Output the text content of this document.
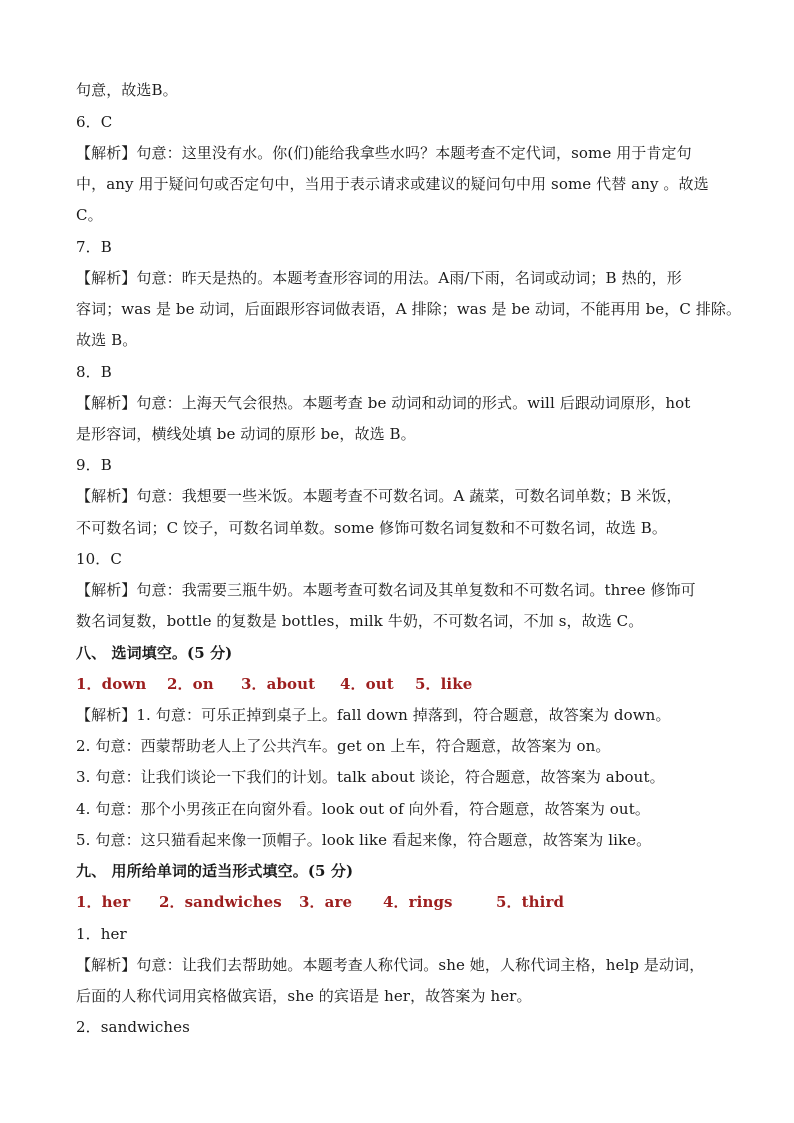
句意，故选B。
6．C
【解析】句意：这里没有水。你(们)能给我拿些水吗？本题考查不定代词，some 用于肯定句
中，any 用于疑问句或否定句中，当用于表示请求或建议的疑问句中用 some 代替 any 。故选
C。
7．B
【解析】句意：昨天是热的。本题考查形容词的用法。A雨/下雨，名词或动词；B 热的，形
容词；was 是 be 动词，后面跟形容词做表语，A 排除；was 是 be 动词，不能再用 be，C 排除。
故选 B。
8．B
【解析】句意：上海天气会很热。本题考查 be 动词和动词的形式。will 后跟动词原形，hot
是形容词，横线处填 be 动词的原形 be，故选 B。
9．B
【解析】句意：我想要一些米饭。本题考查不可数名词。A 蔬菜，可数名词单数；B 米饭，
不可数名词；C 饺子，可数名词单数。some 修饰可数名词复数和不可数名词，故选 B。
10．C
【解析】句意：我需要三瓶牛奶。本题考查可数名词及其单复数和不可数名词。three 修饰可
数名词复数，bottle 的复数是 bottles，milk 牛奶，不可数名词，不加 s，故选 C。
八、 选词填空。(5 分)
1．down 2．on 3．about 4．out 5．like
【解析】1. 句意：可乐正掉到桌子上。fall down 掉落到，符合题意，故答案为 down。
2. 句意：西蒙帮助老人上了公共汽车。get on 上车，符合题意，故答案为 on。
3. 句意：让我们谈论一下我们的计划。talk about 谈论，符合题意，故答案为 about。
4. 句意：那个小男孩正在向窗外看。look out of 向外看，符合题意，故答案为 out。
5. 句意：这只猫看起来像一顶帽子。look like 看起来像，符合题意，故答案为 like。
九、 用所给单词的适当形式填空。(5 分)
1．her 2．sandwiches 3．are 4．rings	5．third
1．her
【解析】句意：让我们去帮助她。本题考查人称代词。she 她，人称代词主格，help 是动词，
后面的人称代词用宾格做宾语，she 的宾语是 her，故答案为 her。
2．sandwiches
